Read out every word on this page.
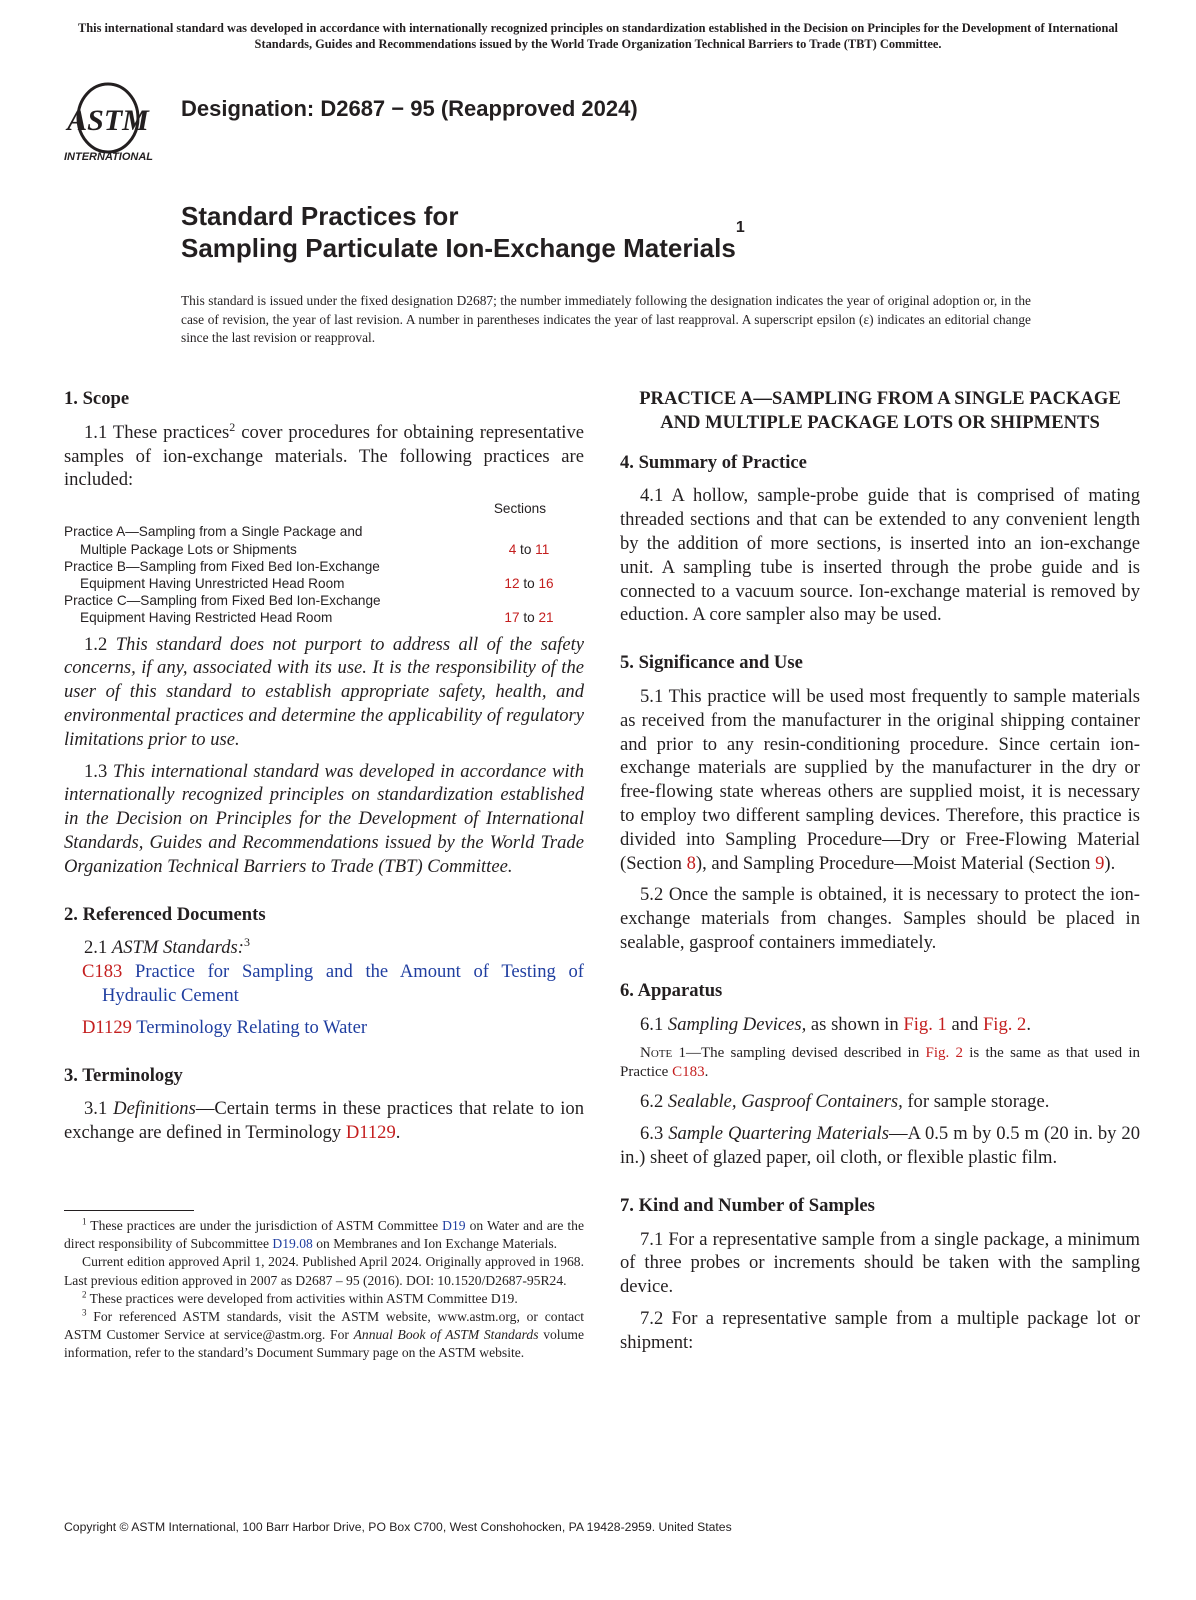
This international standard was developed in accordance with internationally recognized principles on standardization established in the Decision on Principles for the Development of International Standards, Guides and Recommendations issued by the World Trade Organization Technical Barriers to Trade (TBT) Committee.
ASTM
INTERNATIONAL
Designation: D2687 − 95 (Reapproved 2024)
Standard Practices for
Sampling Particulate Ion-Exchange Materials$^1$
This standard is issued under the fixed designation D2687; the number immediately following the designation indicates the year of original adoption or, in the case of revision, the year of last revision. A number in parentheses indicates the year of last reapproval. A superscript epsilon (ε) indicates an editorial change since the last revision or reapproval.
1. Scope

1.1 These practices$^2$ cover procedures for obtaining representative samples of ion-exchange materials. The following practices are included:

Sections
Practice A—Sampling from a Single Package and
Multiple Package Lots or Shipments	4 to 11
Practice B—Sampling from Fixed Bed Ion-Exchange
Equipment Having Unrestricted Head Room	12 to 16
Practice C—Sampling from Fixed Bed Ion-Exchange
Equipment Having Restricted Head Room	17 to 21

1.2 This standard does not purport to address all of the safety concerns, if any, associated with its use. It is the responsibility of the user of this standard to establish appropriate safety, health, and environmental practices and determine the applicability of regulatory limitations prior to use.

1.3 This international standard was developed in accordance with internationally recognized principles on standardization established in the Decision on Principles for the Development of International Standards, Guides and Recommendations issued by the World Trade Organization Technical Barriers to Trade (TBT) Committee.

2. Referenced Documents

2.1 ASTM Standards:$^3$

C183 Practice for Sampling and the Amount of Testing of Hydraulic Cement

D1129 Terminology Relating to Water

3. Terminology

3.1 Definitions—Certain terms in these practices that relate to ion exchange are defined in Terminology D1129.

$^1$ These practices are under the jurisdiction of ASTM Committee D19 on Water and are the direct responsibility of Subcommittee D19.08 on Membranes and Ion Exchange Materials.

Current edition approved April 1, 2024. Published April 2024. Originally approved in 1968. Last previous edition approved in 2007 as D2687 – 95 (2016). DOI: 10.1520/D2687-95R24.

$^2$ These practices were developed from activities within ASTM Committee D19.

$^3$ For referenced ASTM standards, visit the ASTM website, www.astm.org, or contact ASTM Customer Service at service@astm.org. For Annual Book of ASTM Standards volume information, refer to the standard’s Document Summary page on the ASTM website.

PRACTICE A—SAMPLING FROM A SINGLE PACKAGE AND MULTIPLE PACKAGE LOTS OR SHIPMENTS
4. Summary of Practice

4.1 A hollow, sample-probe guide that is comprised of mating threaded sections and that can be extended to any convenient length by the addition of more sections, is inserted into an ion-exchange unit. A sampling tube is inserted through the probe guide and is connected to a vacuum source. Ion-exchange material is removed by eduction. A core sampler also may be used.

5. Significance and Use

5.1 This practice will be used most frequently to sample materials as received from the manufacturer in the original shipping container and prior to any resin-conditioning procedure. Since certain ion-exchange materials are supplied by the manufacturer in the dry or free-flowing state whereas others are supplied moist, it is necessary to employ two different sampling devices. Therefore, this practice is divided into Sampling Procedure—Dry or Free-Flowing Material (Section 8), and Sampling Procedure—Moist Material (Section 9).

5.2 Once the sample is obtained, it is necessary to protect the ion-exchange materials from changes. Samples should be placed in sealable, gasproof containers immediately.

6. Apparatus

6.1 Sampling Devices, as shown in Fig. 1 and Fig. 2.

Note 1—The sampling devised described in Fig. 2 is the same as that used in Practice C183.

6.2 Sealable, Gasproof Containers, for sample storage.

6.3 Sample Quartering Materials—A 0.5 m by 0.5 m (20 in. by 20 in.) sheet of glazed paper, oil cloth, or flexible plastic film.

7. Kind and Number of Samples

7.1 For a representative sample from a single package, a minimum of three probes or increments should be taken with the sampling device.

7.2 For a representative sample from a multiple package lot or shipment:

Copyright © ASTM International, 100 Barr Harbor Drive, PO Box C700, West Conshohocken, PA 19428-2959. United States
